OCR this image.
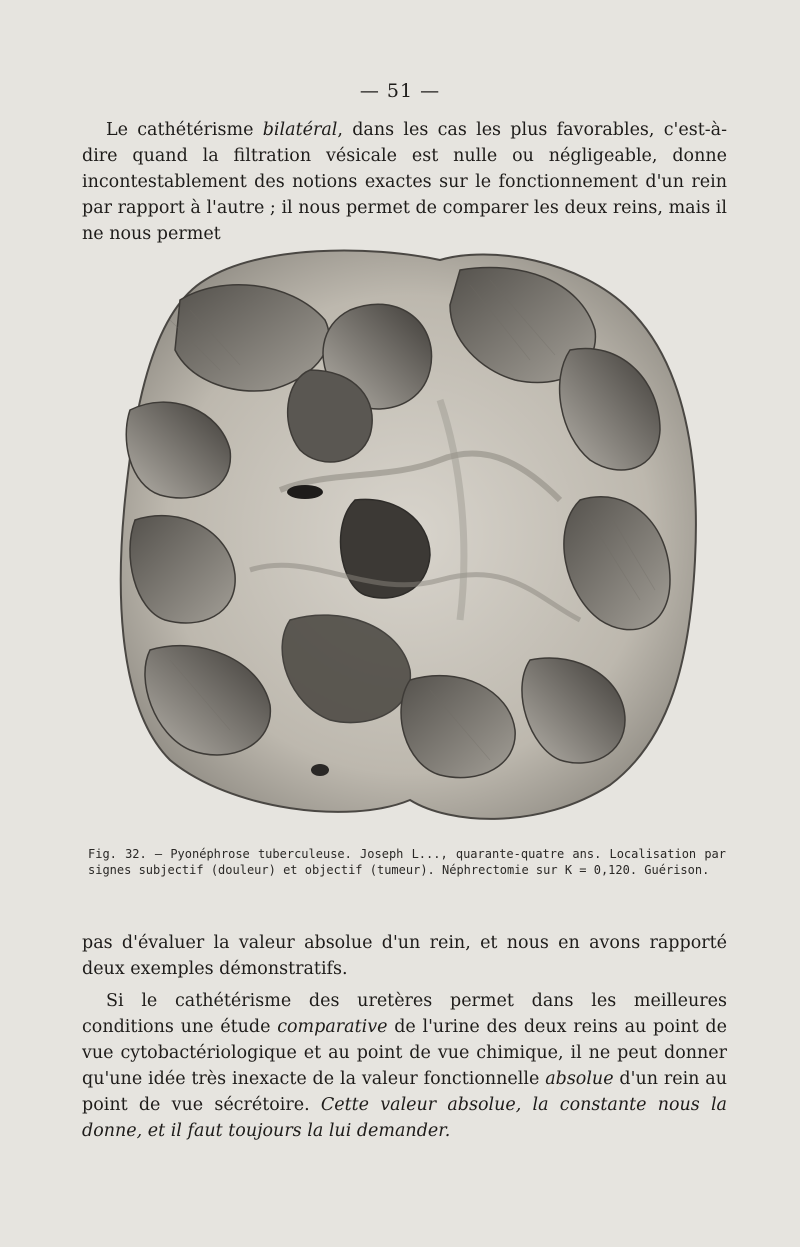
— 51 —

Le cathétérisme bilatéral, dans les cas les plus favorables, c'est-à-dire quand la filtration vésicale est nulle ou négligeable, donne incontestablement des notions exactes sur le fonctionnement d'un rein par rapport à l'autre ; il nous permet de comparer les deux reins, mais il ne nous permet

Fig. 32. — Pyonéphrose tuberculeuse. Joseph L..., quarante-quatre ans. Localisation par signes subjectif (douleur) et objectif (tumeur). Néphrectomie sur K = 0,120. Guérison.

pas d'évaluer la valeur absolue d'un rein, et nous en avons rapporté deux exemples démonstratifs.

Si le cathétérisme des uretères permet dans les meilleures conditions une étude comparative de l'urine des deux reins au point de vue cytobactériologique et au point de vue chimique, il ne peut donner qu'une idée très inexacte de la valeur fonctionnelle absolue d'un rein au point de vue sécrétoire. Cette valeur absolue, la constante nous la donne, et il faut toujours la lui demander.
